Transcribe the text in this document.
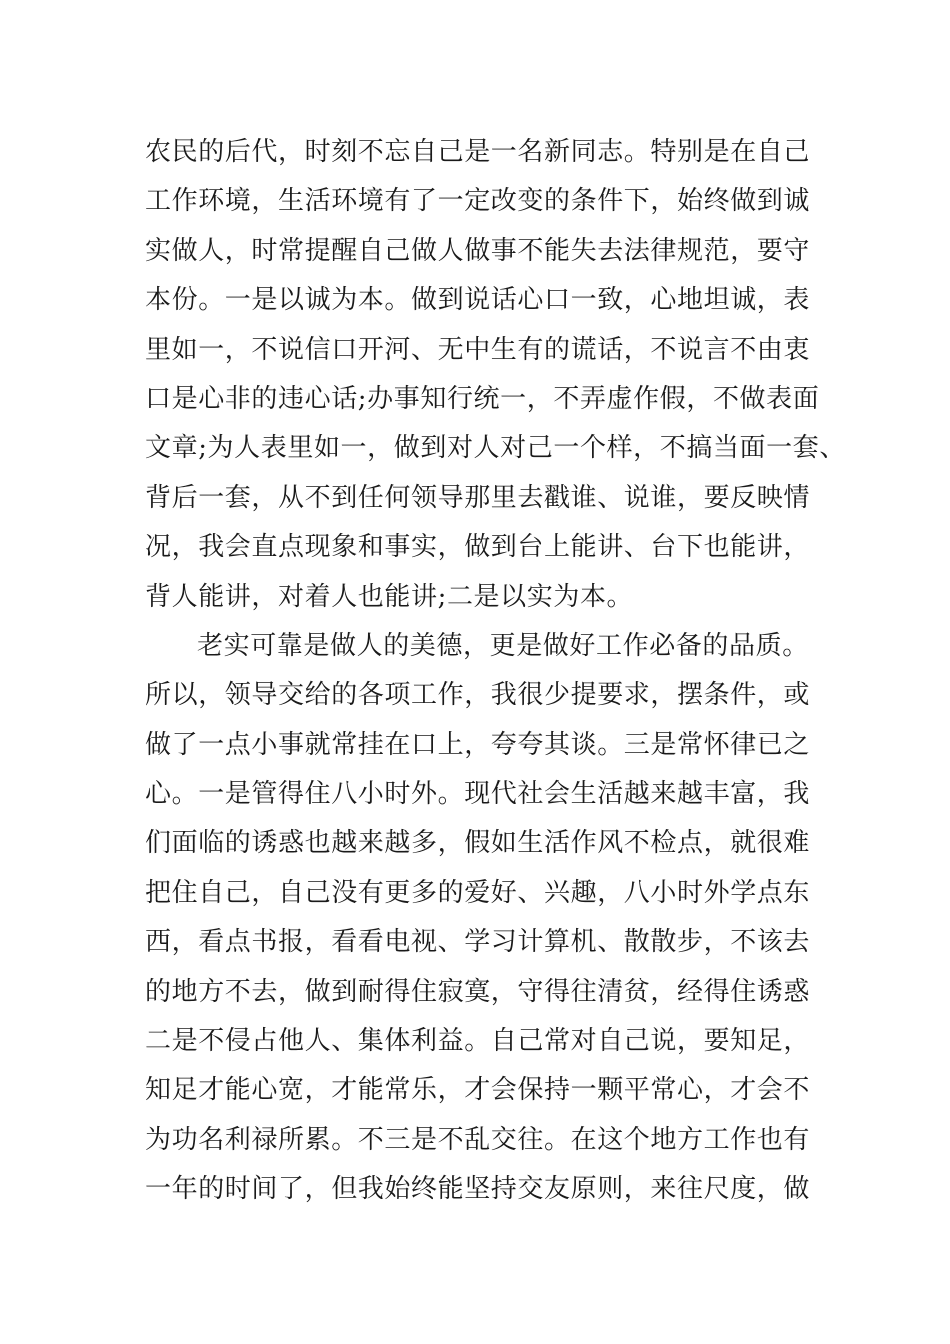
农民的后代，时刻不忘自己是一名新同志。特别是在自己
工作环境，生活环境有了一定改变的条件下，始终做到诚
实做人，时常提醒自己做人做事不能失去法律规范，要守
本份。一是以诚为本。做到说话心口一致，心地坦诚，表
里如一，不说信口开河、无中生有的谎话，不说言不由衷
口是心非的违心话;办事知行统一，不弄虚作假，不做表面
文章;为人表里如一，做到对人对己一个样，不搞当面一套、
背后一套，从不到任何领导那里去戳谁、说谁，要反映情
况，我会直点现象和事实，做到台上能讲、台下也能讲，
背人能讲，对着人也能讲;二是以实为本。
老实可靠是做人的美德，更是做好工作必备的品质。
所以，领导交给的各项工作，我很少提要求，摆条件，或
做了一点小事就常挂在口上，夸夸其谈。三是常怀律已之
心。一是管得住八小时外。现代社会生活越来越丰富，我
们面临的诱惑也越来越多，假如生活作风不检点，就很难
把住自己，自己没有更多的爱好、兴趣，八小时外学点东
西，看点书报，看看电视、学习计算机、散散步，不该去
的地方不去，做到耐得住寂寞，守得往清贫，经得住诱惑
二是不侵占他人、集体利益。自己常对自己说，要知足，
知足才能心宽，才能常乐，才会保持一颗平常心，才会不
为功名利禄所累。不三是不乱交往。在这个地方工作也有
一年的时间了，但我始终能坚持交友原则，来往尺度，做
